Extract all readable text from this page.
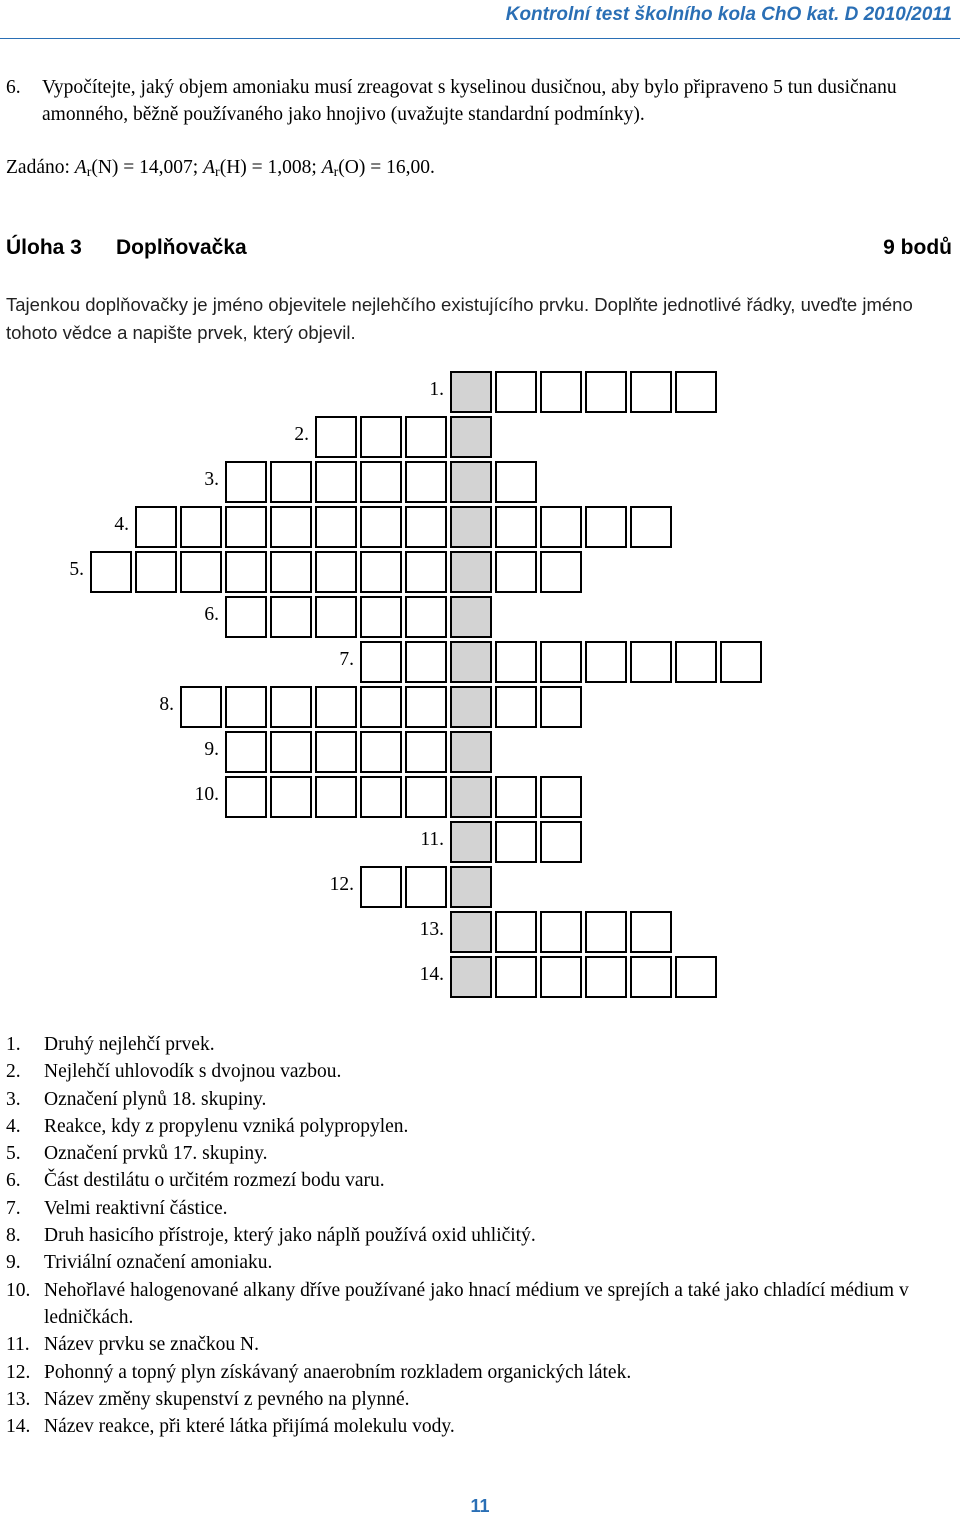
Kontrolní test školního kola ChO kat. D 2010/2011
6. Vypočítejte, jaký objem amoniaku musí zreagovat s kyselinou dusičnou, aby bylo připraveno 5 tun dusičnanu amonného, běžně používaného jako hnojivo (uvažujte standardní podmínky).
Zadáno: $A_r(N) = 14,007$; $A_r(H) = 1,008$; $A_r(O) = 16,00$.
Úloha 3 Doplňovačka	9 bodů
Tajenkou doplňovačky je jméno objevitele nejlehčího existujícího prvku. Doplňte jednotlivé řádky, uveďte jméno tohoto vědce a napište prvek, který objevil.
1.
2.
3.
4.
5.
6.
7.
8.
9.
10.
11.
12.
13.
14.
1. Druhý nejlehčí prvek.
2. Nejlehčí uhlovodík s dvojnou vazbou.
3. Označení plynů 18. skupiny.
4. Reakce, kdy z propylenu vzniká polypropylen.
5. Označení prvků 17. skupiny.
6. Část destilátu o určitém rozmezí bodu varu.
7. Velmi reaktivní částice.
8. Druh hasicího přístroje, který jako náplň používá oxid uhličitý.
9. Triviální označení amoniaku.
10. Nehořlavé halogenované alkany dříve používané jako hnací médium ve sprejích a také jako chladící médium v ledničkách.
11. Název prvku se značkou N.
12. Pohonný a topný plyn získávaný anaerobním rozkladem organických látek.
13. Název změny skupenství z pevného na plynné.
14. Název reakce, při které látka přijímá molekulu vody.
11
